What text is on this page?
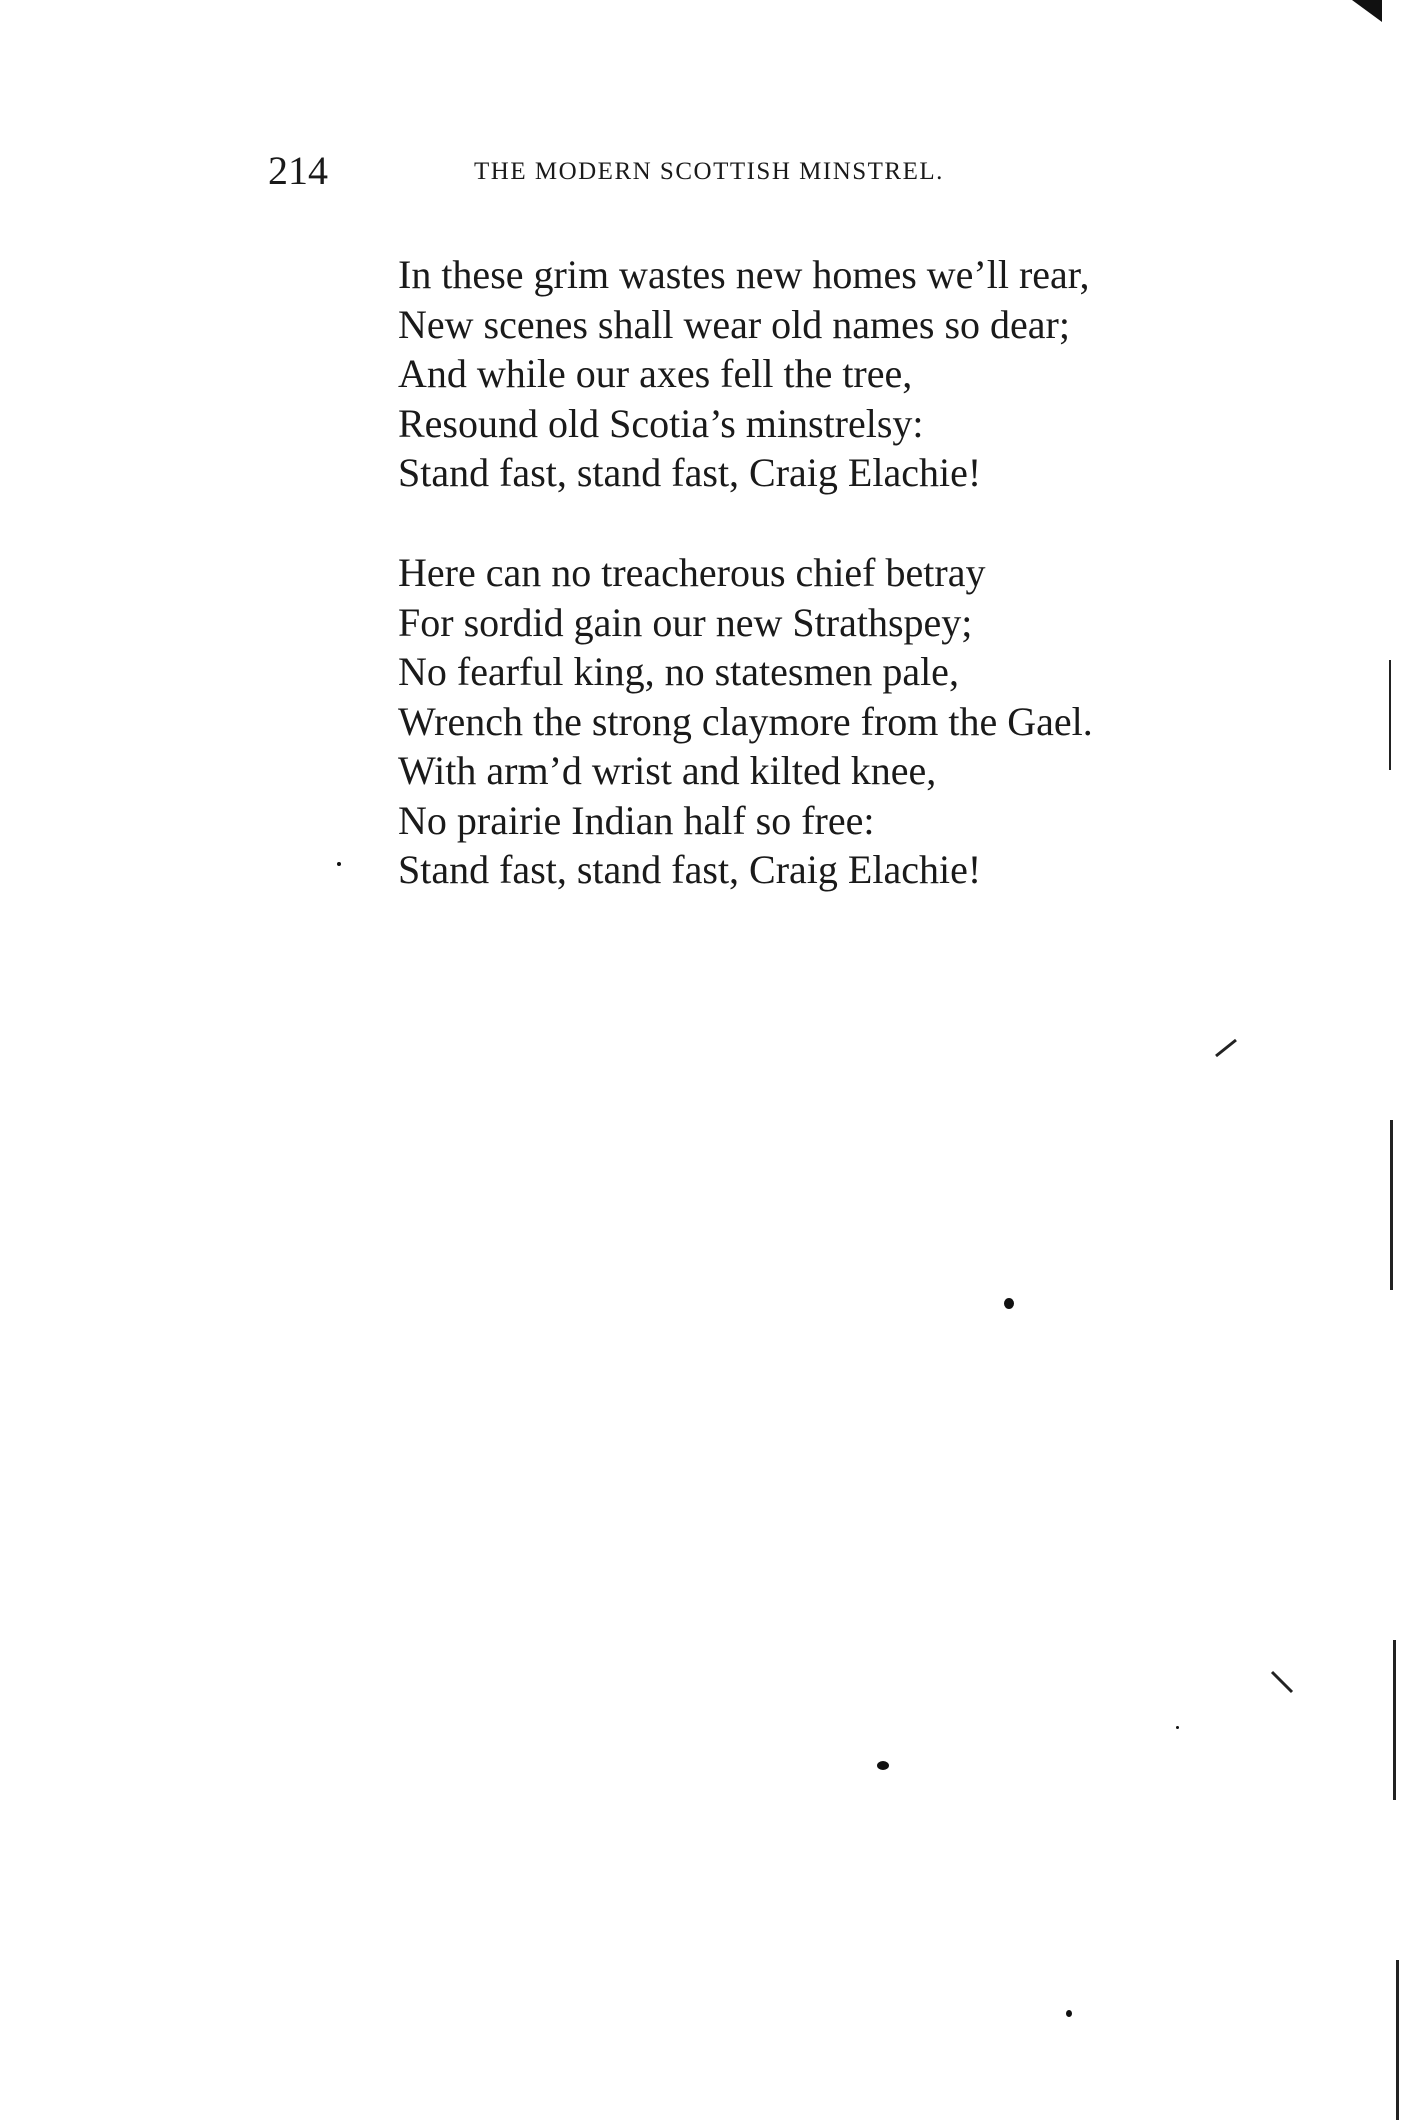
214	THE MODERN SCOTTISH MINSTREL.
In these grim wastes new homes we’ll rear,
New scenes shall wear old names so dear;
And while our axes fell the tree,
Resound old Scotia’s minstrelsy:
Stand fast, stand fast, Craig Elachie!
Here can no treacherous chief betray
For sordid gain our new Strathspey;
No fearful king, no statesmen pale,
Wrench the strong claymore from the Gael.
With arm’d wrist and kilted knee,
No prairie Indian half so free:
Stand fast, stand fast, Craig Elachie!
